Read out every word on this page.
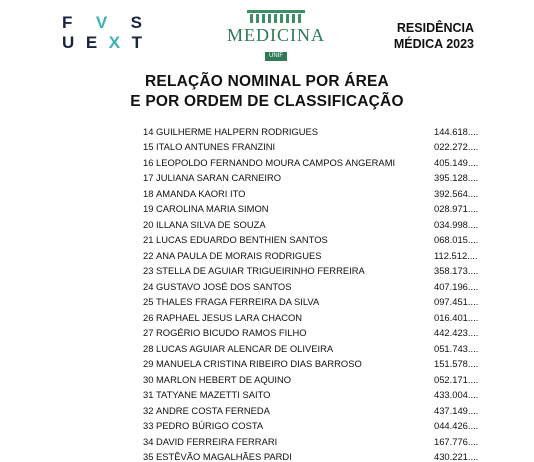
F V S
U E X T	MEDICINA
UNIF
RESIDÊNCIA
MÉDICA 2023
RELAÇÃO NOMINAL POR ÁREA
E POR ORDEM DE CLASSIFICAÇÃO
14 GUILHERME HALPERN RODRIGUES	144.618....
15 ITALO ANTUNES FRANZINI	022.272....
16 LEOPOLDO FERNANDO MOURA CAMPOS ANGERAMI	405.149....
17 JULIANA SARAN CARNEIRO	395.128....
18 AMANDA KAORI ITO	392.564....
19 CAROLINA MARIA SIMON	028.971....
20 ILLANA SILVA DE SOUZA	034.998....
21 LUCAS EDUARDO BENTHIEN SANTOS	068.015....
22 ANA PAULA DE MORAIS RODRIGUES	112.512....
23 STELLA DE AGUIAR TRIGUEIRINHO FERREIRA	358.173....
24 GUSTAVO JOSÉ DOS SANTOS	407.196....
25 THALES FRAGA FERREIRA DA SILVA	097.451....
26 RAPHAEL JESUS LARA CHACON	016.401....
27 ROGÉRIO BICUDO RAMOS FILHO	442.423....
28 LUCAS AGUIAR ALENCAR DE OLIVEIRA	051.743....
29 MANUELA CRISTINA RIBEIRO DIAS BARROSO	151.578....
30 MARLON HEBERT DE AQUINO	052.171....
31 TATYANE MAZETTI SAITO	433.004....
32 ANDRE COSTA FERNEDA	437.149....
33 PEDRO BÚRIGO COSTA	044.426....
34 DAVID FERREIRA FERRARI	167.776....
35 ESTÊVÃO MAGALHÃES PARDI	430.221....
